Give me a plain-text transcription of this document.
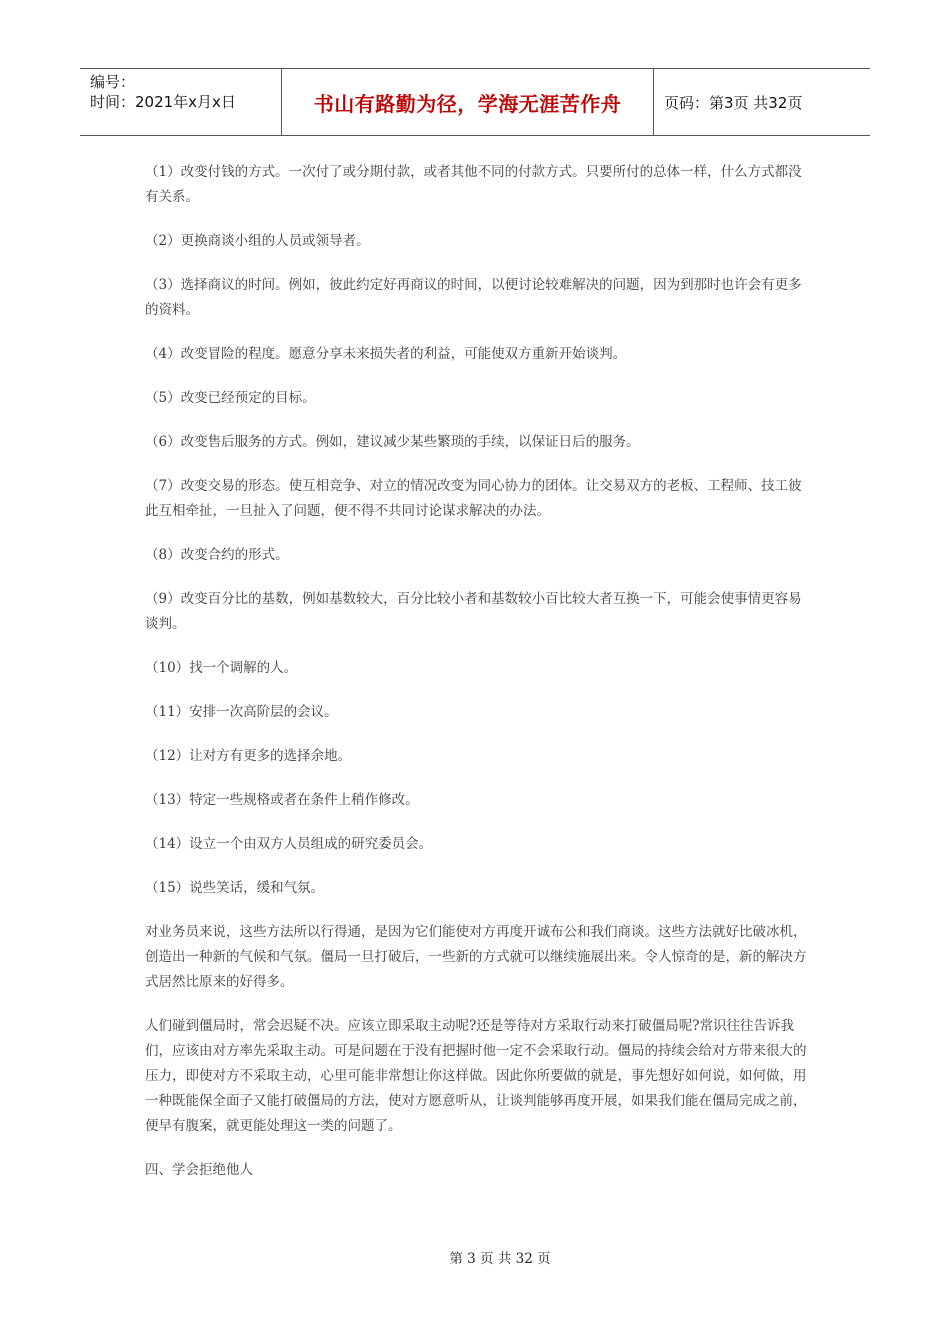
编号：
时间：2021年x月x日	书山有路勤为径，学海无涯苦作舟	页码：第3页 共32页

（1）改变付钱的方式。一次付了或分期付款，或者其他不同的付款方式。只要所付的总体一样，什么方式都没有关系。

（2）更换商谈小组的人员或领导者。

（3）选择商议的时间。例如，彼此约定好再商议的时间，以便讨论较难解决的问题，因为到那时也许会有更多的资料。

（4）改变冒险的程度。愿意分享未来损失者的利益，可能使双方重新开始谈判。

（5）改变已经预定的目标。

（6）改变售后服务的方式。例如，建议减少某些繁琐的手续，以保证日后的服务。

（7）改变交易的形态。使互相竞争、对立的情况改变为同心协力的团体。让交易双方的老板、工程师、技工彼此互相牵扯，一旦扯入了问题，便不得不共同讨论谋求解决的办法。

（8）改变合约的形式。

（9）改变百分比的基数，例如基数较大，百分比较小者和基数较小百比较大者互换一下，可能会使事情更容易谈判。

（10）找一个调解的人。

（11）安排一次高阶层的会议。

（12）让对方有更多的选择余地。

（13）特定一些规格或者在条件上稍作修改。

（14）设立一个由双方人员组成的研究委员会。

（15）说些笑话，缓和气氛。

对业务员来说，这些方法所以行得通，是因为它们能使对方再度开诚布公和我们商谈。这些方法就好比破冰机，创造出一种新的气候和气氛。僵局一旦打破后，一些新的方式就可以继续施展出来。令人惊奇的是，新的解决方式居然比原来的好得多。

人们碰到僵局时，常会迟疑不决。应该立即采取主动呢?还是等待对方采取行动来打破僵局呢?常识往往告诉我们，应该由对方率先采取主动。可是问题在于没有把握时他一定不会采取行动。僵局的持续会给对方带来很大的压力，即使对方不采取主动，心里可能非常想让你这样做。因此你所要做的就是，事先想好如何说，如何做，用一种既能保全面子又能打破僵局的方法，使对方愿意听从，让谈判能够再度开展，如果我们能在僵局完成之前，便早有腹案，就更能处理这一类的问题了。

四、学会拒绝他人

第 3 页 共 32 页
